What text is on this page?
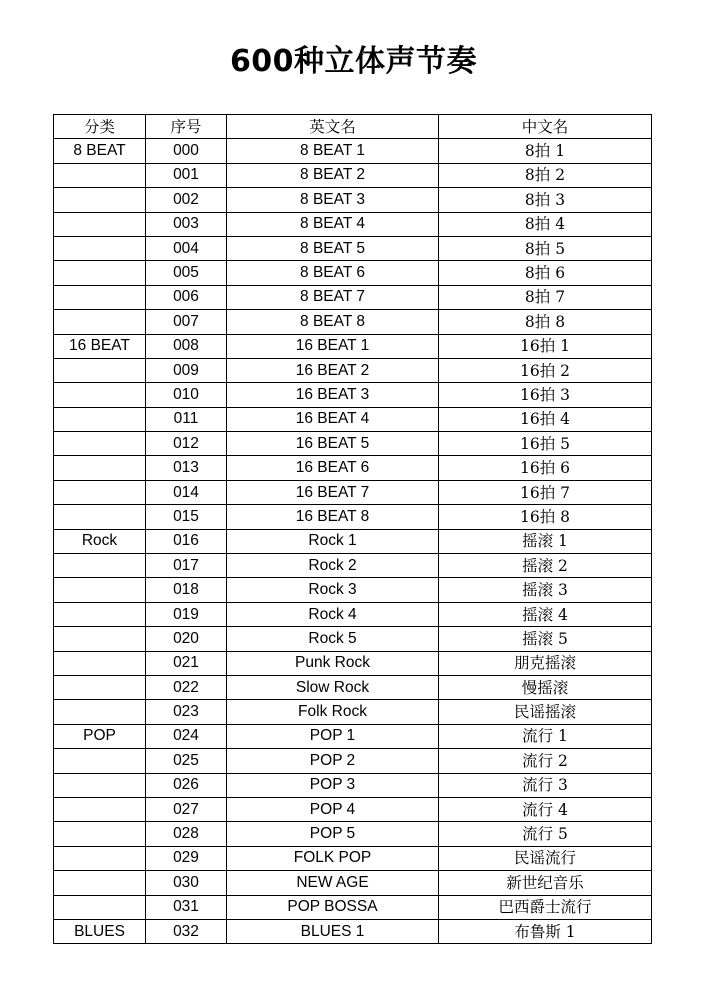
600种立体声节奏
分类	序号	英文名	中文名
8 BEAT	000	8 BEAT 1	8拍 1
	001	8 BEAT 2	8拍 2
	002	8 BEAT 3	8拍 3
	003	8 BEAT 4	8拍 4
	004	8 BEAT 5	8拍 5
	005	8 BEAT 6	8拍 6
	006	8 BEAT 7	8拍 7
	007	8 BEAT 8	8拍 8
16 BEAT	008	16 BEAT 1	16拍 1
	009	16 BEAT 2	16拍 2
	010	16 BEAT 3	16拍 3
	011	16 BEAT 4	16拍 4
	012	16 BEAT 5	16拍 5
	013	16 BEAT 6	16拍 6
	014	16 BEAT 7	16拍 7
	015	16 BEAT 8	16拍 8
Rock	016	Rock 1	摇滚 1
	017	Rock 2	摇滚 2
	018	Rock 3	摇滚 3
	019	Rock 4	摇滚 4
	020	Rock 5	摇滚 5
	021	Punk Rock	朋克摇滚
	022	Slow Rock	慢摇滚
	023	Folk Rock	民谣摇滚
POP	024	POP 1	流行 1
	025	POP 2	流行 2
	026	POP 3	流行 3
	027	POP 4	流行 4
	028	POP 5	流行 5
	029	FOLK POP	民谣流行
	030	NEW AGE	新世纪音乐
	031	POP BOSSA	巴西爵士流行
BLUES	032	BLUES 1	布鲁斯 1
